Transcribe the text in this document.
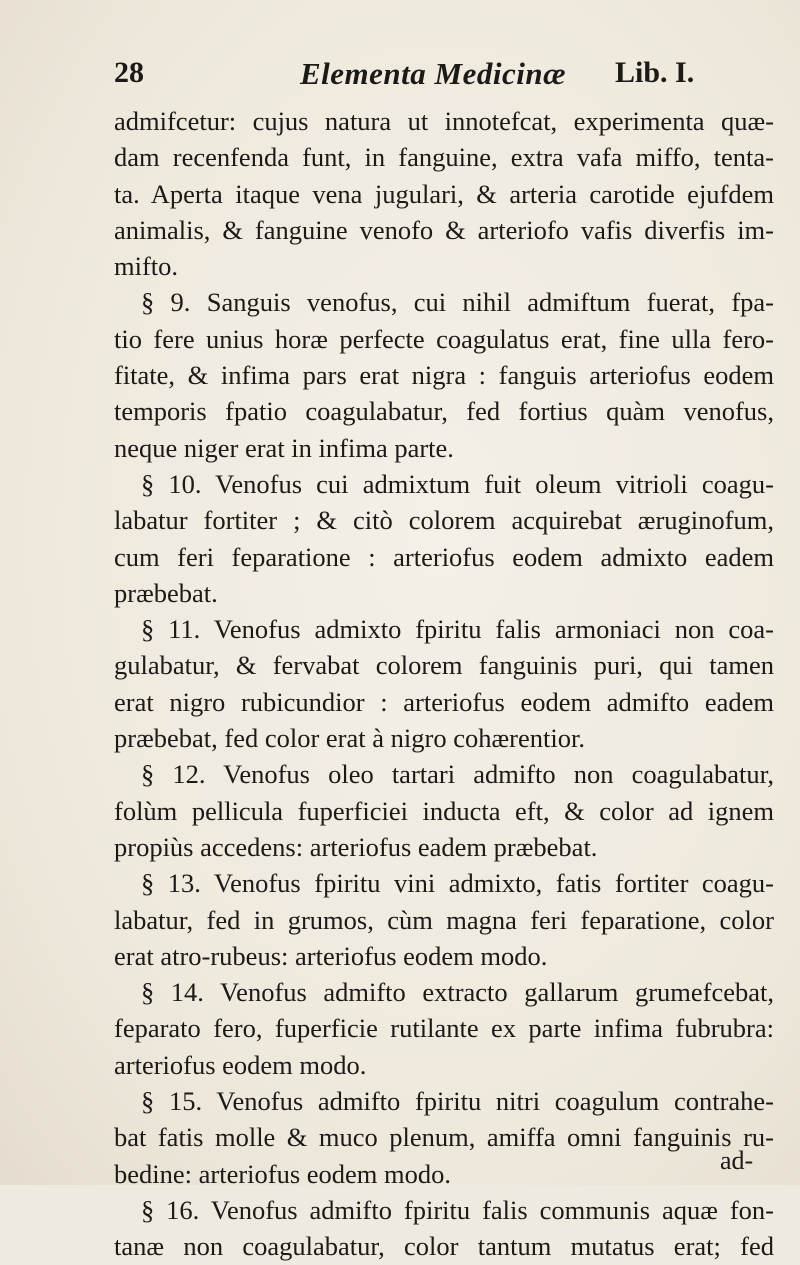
28	Elementa Medicinæ Lib. I.
admifcetur: cujus natura ut innotefcat, experimenta quæ-
dam recenfenda funt, in fanguine, extra vafa miffo, tenta-
ta. Aperta itaque vena jugulari, & arteria carotide ejufdem
animalis, & fanguine venofo & arteriofo vafis diverfis im-
mifto.
§ 9. Sanguis venofus, cui nihil admiftum fuerat, fpa-
tio fere unius horæ perfecte coagulatus erat, fine ulla fero-
fitate, & infima pars erat nigra : fanguis arteriofus eodem
temporis fpatio coagulabatur, fed fortius quàm venofus,
neque niger erat in infima parte.
§ 10. Venofus cui admixtum fuit oleum vitrioli coagu-
labatur fortiter ; & citò colorem acquirebat æruginofum,
cum feri feparatione : arteriofus eodem admixto eadem
præbebat.
§ 11. Venofus admixto fpiritu falis armoniaci non coa-
gulabatur, & fervabat colorem fanguinis puri, qui tamen
erat nigro rubicundior : arteriofus eodem admifto eadem
præbebat, fed color erat à nigro cohærentior.
§ 12. Venofus oleo tartari admifto non coagulabatur,
folùm pellicula fuperficiei inducta eft, & color ad ignem
propiùs accedens: arteriofus eadem præbebat.
§ 13. Venofus fpiritu vini admixto, fatis fortiter coagu-
labatur, fed in grumos, cùm magna feri feparatione, color
erat atro-rubeus: arteriofus eodem modo.
§ 14. Venofus admifto extracto gallarum grumefcebat,
feparato fero, fuperficie rutilante ex parte infima fubrubra:
arteriofus eodem modo.
§ 15. Venofus admifto fpiritu nitri coagulum contrahe-
bat fatis molle & muco plenum, amiffa omni fanguinis ru-
bedine: arteriofus eodem modo.
§ 16. Venofus admifto fpiritu falis communis aquæ fon-
tanæ non coagulabatur, color tantum mutatus erat; fed
ad-
